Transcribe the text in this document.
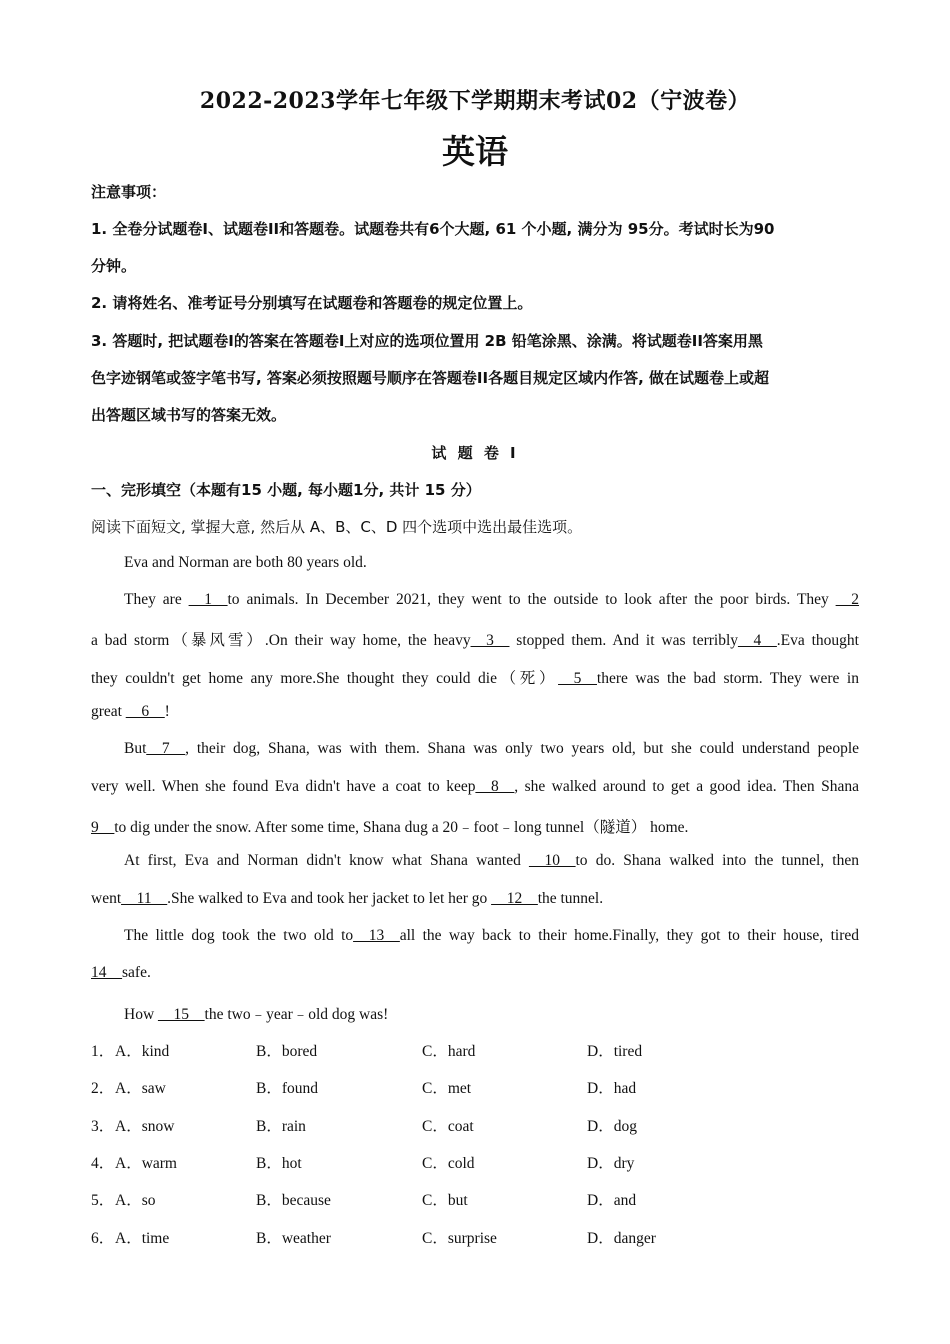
2022-2023学年七年级下学期期末考试02（宁波卷）
英语
注意事项：
1. 全卷分试题卷I、试题卷II和答题卷。试题卷共有6个大题, 61 个小题, 满分为 95分。考试时长为90
分钟。
2. 请将姓名、准考证号分别填写在试题卷和答题卷的规定位置上。
3. 答题时, 把试题卷I的答案在答题卷I上对应的选项位置用 2B 铅笔涂黑、涂满。将试题卷II答案用黑
色字迹钢笔或签字笔书写, 答案必须按照题号顺序在答题卷II各题目规定区域内作答, 做在试题卷上或超
出答题区域书写的答案无效。
试 题 卷 I
一、完形填空（本题有15 小题, 每小题1分, 共计 15 分）
阅读下面短文, 掌握大意, 然后从 A、B、C、D 四个选项中选出最佳选项。
Eva and Norman are both 80 years old.
They are __1__to animals. In December 2021, they went to the outside to look after the poor birds. They __2
a bad storm（暴风雪）.On their way home, the heavy__3__ stopped them. And it was terribly__4__.Eva thought
they couldn't get home any more.She thought they could die（死）__5__there was the bad storm. They were in
great __6__!
But__7__, their dog, Shana, was with them. Shana was only two years old, but she could understand people
very well. When she found Eva didn't have a coat to keep__8__, she walked around to get a good idea. Then Shana
9__to dig under the snow. After some time, Shana dug a 20﹣foot﹣long tunnel（隧道） home.
At first, Eva and Norman didn't know what Shana wanted __10__to do. Shana walked into the tunnel, then
went__11__.She walked to Eva and took her jacket to let her go __12__the tunnel.
The little dog took the two old to__13__all the way back to their home.Finally, they got to their house, tired
14__safe.
How __15__the two﹣year﹣old dog was!
1． A．kind	B．bored	C．hard	D．tired
2． A．saw	B．found	C．met	D．had
3． A．snow	B．rain	C．coat	D．dog
4． A．warm	B．hot	C．cold	D．dry
5． A．so	B．because	C．but	D．and
6． A．time	B．weather	C．surprise	D．danger
